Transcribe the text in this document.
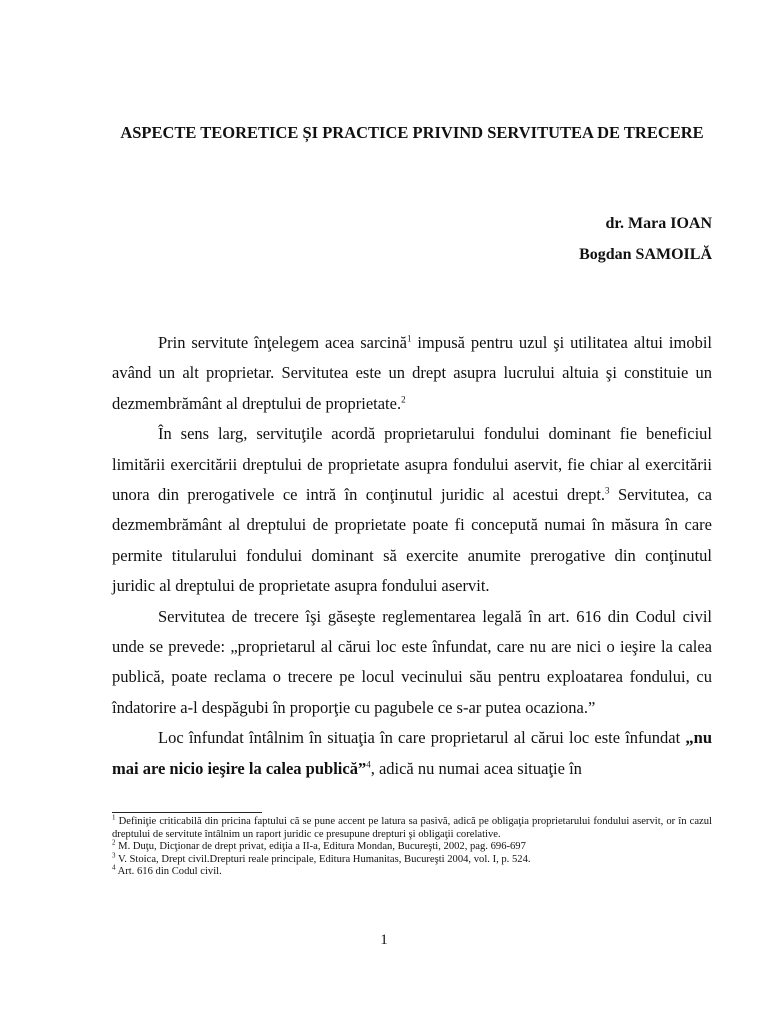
ASPECTE TEORETICE ȘI PRACTICE PRIVIND SERVITUTEA DE TRECERE
dr. Mara IOAN
Bogdan SAMOILĂ

Prin servitute înţelegem acea sarcină$^1$ impusă pentru uzul şi utilitatea altui imobil având un alt proprietar. Servitutea este un drept asupra lucrului altuia şi constituie un dezmembrământ al dreptului de proprietate.$^2$

În sens larg, servituţile acordă proprietarului fondului dominant fie beneficiul limitării exercitării dreptului de proprietate asupra fondului aservit, fie chiar al exercitării unora din prerogativele ce intră în conţinutul juridic al acestui drept.$^3$ Servitutea, ca dezmembrământ al dreptului de proprietate poate fi concepută numai în măsura în care permite titularului fondului dominant să exercite anumite prerogative din conţinutul juridic al dreptului de proprietate asupra fondului aservit.

Servitutea de trecere îşi găseşte reglementarea legală în art. 616 din Codul civil unde se prevede: „proprietarul al cărui loc este înfundat, care nu are nici o ieşire la calea publică, poate reclama o trecere pe locul vecinului său pentru exploatarea fondului, cu îndatorire a-l despăgubi în proporţie cu pagubele ce s-ar putea ocaziona.”

Loc înfundat întâlnim în situaţia în care proprietarul al cărui loc este înfundat „nu mai are nicio ieşire la calea publică”$^4$, adică nu numai acea situaţie în

$^1$ Definiţie criticabilă din pricina faptului că se pune accent pe latura sa pasivă, adică pe obligaţia proprietarului fondului aservit, or în cazul dreptului de servitute întâlnim un raport juridic ce presupune drepturi şi obligaţii corelative.

$^2$ M. Duţu, Dicţionar de drept privat, ediţia a II-a, Editura Mondan, Bucureşti, 2002, pag. 696-697

$^3$ V. Stoica, Drept civil.Drepturi reale principale, Editura Humanitas, Bucureşti 2004, vol. I, p. 524.

$^4$ Art. 616 din Codul civil.

1
